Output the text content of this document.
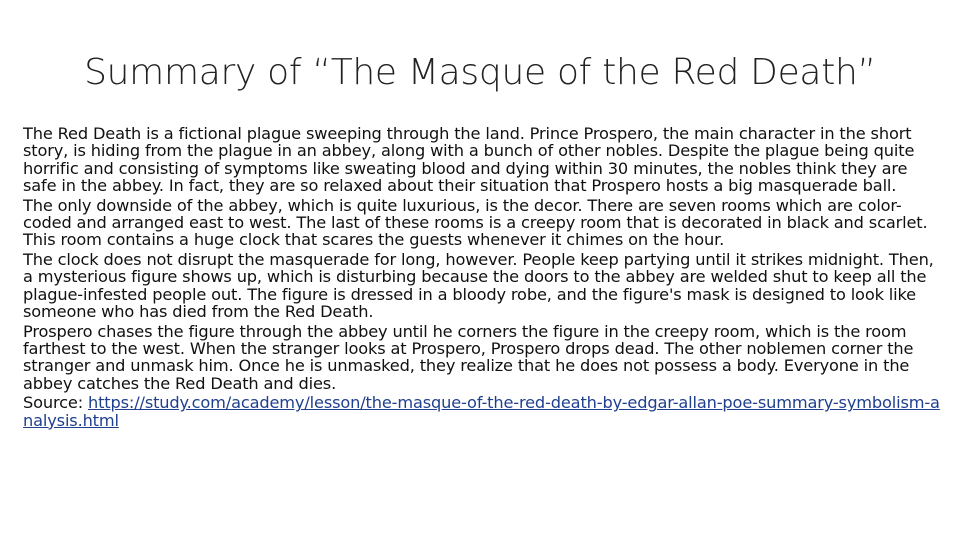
Summary of “The Masque of the Red Death”

The Red Death is a fictional plague sweeping through the land. Prince Prospero, the main character in the short story, is hiding from the plague in an abbey, along with a bunch of other nobles. Despite the plague being quite horrific and consisting of symptoms like sweating blood and dying within 30 minutes, the nobles think they are safe in the abbey. In fact, they are so relaxed about their situation that Prospero hosts a big masquerade ball.

The only downside of the abbey, which is quite luxurious, is the decor. There are seven rooms which are color-coded and arranged east to west. The last of these rooms is a creepy room that is decorated in black and scarlet. This room contains a huge clock that scares the guests whenever it chimes on the hour.

The clock does not disrupt the masquerade for long, however. People keep partying until it strikes midnight. Then, a mysterious figure shows up, which is disturbing because the doors to the abbey are welded shut to keep all the plague-infested people out. The figure is dressed in a bloody robe, and the figure's mask is designed to look like someone who has died from the Red Death.

Prospero chases the figure through the abbey until he corners the figure in the creepy room, which is the room farthest to the west. When the stranger looks at Prospero, Prospero drops dead. The other noblemen corner the stranger and unmask him. Once he is unmasked, they realize that he does not possess a body. Everyone in the abbey catches the Red Death and dies.

Source: https://study.com/academy/lesson/the-masque-of-the-red-death-by-edgar-allan-poe-summary-symbolism-analysis.html
